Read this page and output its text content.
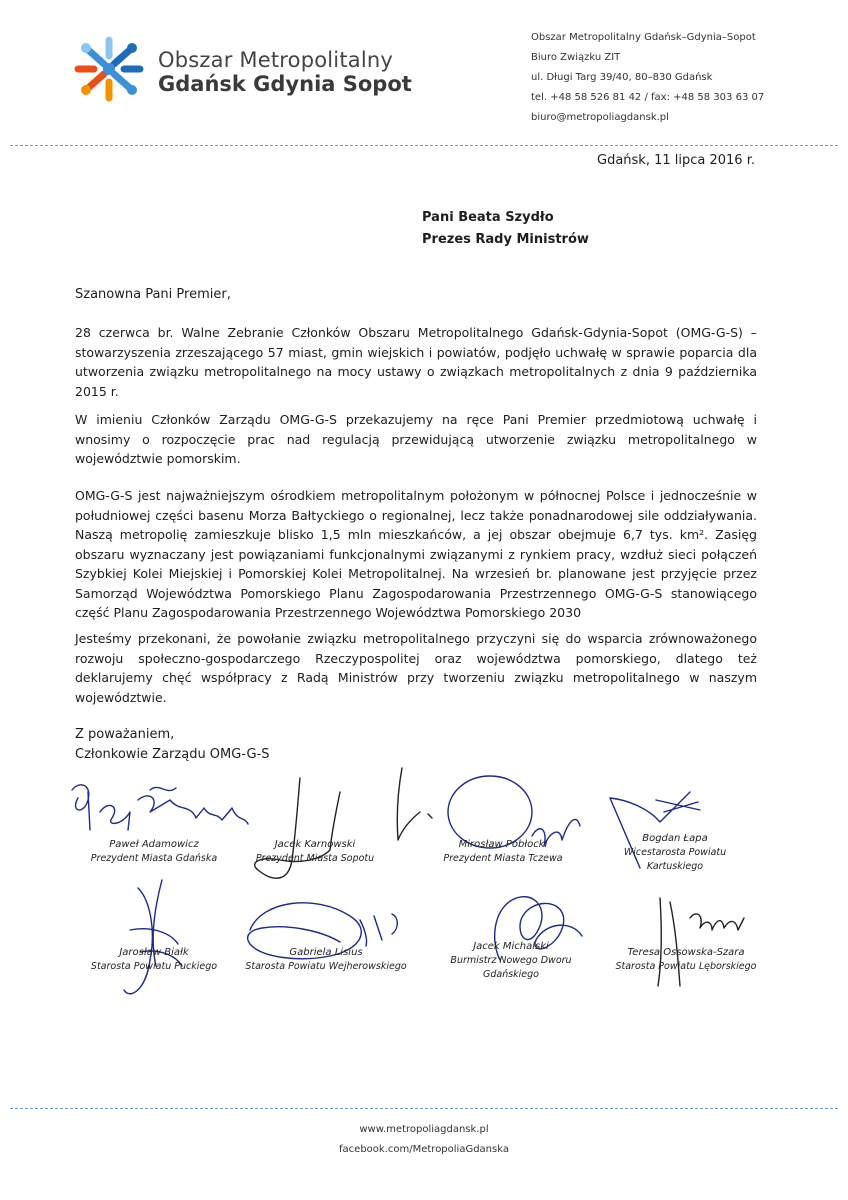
Obszar Metropolitalny
Gdańsk Gdynia Sopot
Obszar Metropolitalny Gdańsk–Gdynia–Sopot
Biuro Związku ZIT
ul. Długi Targ 39/40, 80–830 Gdańsk
tel. +48 58 526 81 42 / fax: +48 58 303 63 07
biuro@metropoliagdansk.pl
Gdańsk, 11 lipca 2016 r.
Pani Beata Szydło
Prezes Rady Ministrów
Szanowna Pani Premier,

28 czerwca br. Walne Zebranie Członków Obszaru Metropolitalnego Gdańsk-Gdynia-Sopot (OMG-G-S) – stowarzyszenia zrzeszającego 57 miast, gmin wiejskich i powiatów, podjęło uchwałę w sprawie poparcia dla utworzenia związku metropolitalnego na mocy ustawy o związkach metropolitalnych z dnia 9 października 2015 r.

W imieniu Członków Zarządu OMG-G-S przekazujemy na ręce Pani Premier przedmiotową uchwałę i wnosimy o rozpoczęcie prac nad regulacją przewidującą utworzenie związku metropolitalnego w województwie pomorskim.

OMG-G-S jest najważniejszym ośrodkiem metropolitalnym położonym w północnej Polsce i jednocześnie w południowej części basenu Morza Bałtyckiego o regionalnej, lecz także ponadnarodowej sile oddziaływania. Naszą metropolię zamieszkuje blisko 1,5 mln mieszkańców, a jej obszar obejmuje 6,7 tys. km². Zasięg obszaru wyznaczany jest powiązaniami funkcjonalnymi związanymi z rynkiem pracy, wzdłuż sieci połączeń Szybkiej Kolei Miejskiej i Pomorskiej Kolei Metropolitalnej. Na wrzesień br. planowane jest przyjęcie przez Samorząd Województwa Pomorskiego Planu Zagospodarowania Przestrzennego OMG-G-S stanowiącego część Planu Zagospodarowania Przestrzennego Województwa Pomorskiego 2030

Jesteśmy przekonani, że powołanie związku metropolitalnego przyczyni się do wsparcia zrównoważonego rozwoju społeczno-gospodarczego Rzeczypospolitej oraz województwa pomorskiego, dlatego też deklarujemy chęć współpracy z Radą Ministrów przy tworzeniu związku metropolitalnego w naszym województwie.

Z poważaniem,
Członkowie Zarządu OMG-G-S
Paweł Adamowicz
Prezydent Miasta Gdańska
Jacek Karnowski
Prezydent Miasta Sopotu
Mirosław Pobłocki
Prezydent Miasta Tczewa
Bogdan Łapa
Wicestarosta Powiatu
Kartuskiego
Jarosław Białk
Starosta Powiatu Puckiego
Gabriela Lisius
Starosta Powiatu Wejherowskiego
Jacek Michalski
Burmistrz Nowego Dworu
Gdańskiego
Teresa Ossowska-Szara
Starosta Powiatu Lęborskiego
www.metropoliagdansk.pl
facebook.com/MetropoliaGdanska
